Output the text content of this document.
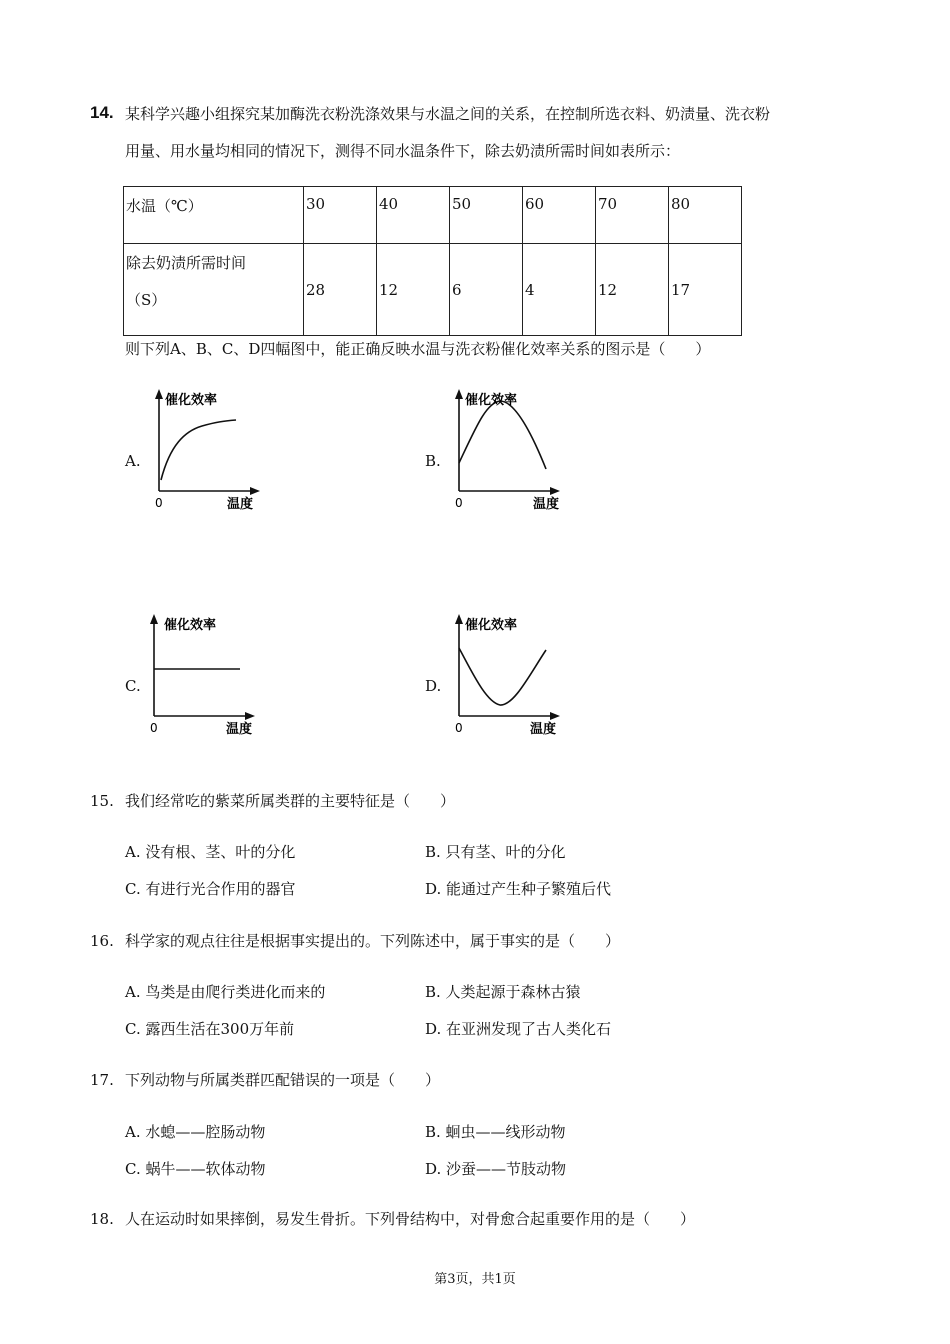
14. 某科学兴趣小组探究某加酶洗衣粉洗涤效果与水温之间的关系，在控制所选衣料、奶渍量、洗衣粉
用量、用水量均相同的情况下，测得不同水温条件下，除去奶渍所需时间如表所示：
水温（℃）	30	40	50	60	70	80

除去奶渍所需时间
（S）	28	12	6	4	12	17
则下列A、B、C、D四幅图中，能正确反映水温与洗衣粉催化效率关系的图示是（　　）
A.	B.
C.	D.
催化效率
0	温度
催化效率
0	温度
催化效率
0	温度
催化效率
0	温度
15. 我们经常吃的紫菜所属类群的主要特征是（　　）
A. 没有根、茎、叶的分化	B. 只有茎、叶的分化
C. 有进行光合作用的器官	D. 能通过产生种子繁殖后代
16. 科学家的观点往往是根据事实提出的。下列陈述中，属于事实的是（　　）
A. 鸟类是由爬行类进化而来的	B. 人类起源于森林古猿
C. 露西生活在300万年前	D. 在亚洲发现了古人类化石
17. 下列动物与所属类群匹配错误的一项是（　　）
A. 水螅——腔肠动物	B. 蛔虫——线形动物
C. 蜗牛——软体动物	D. 沙蚕——节肢动物
18. 人在运动时如果摔倒，易发生骨折。下列骨结构中，对骨愈合起重要作用的是（　　）
第3页，共1页
